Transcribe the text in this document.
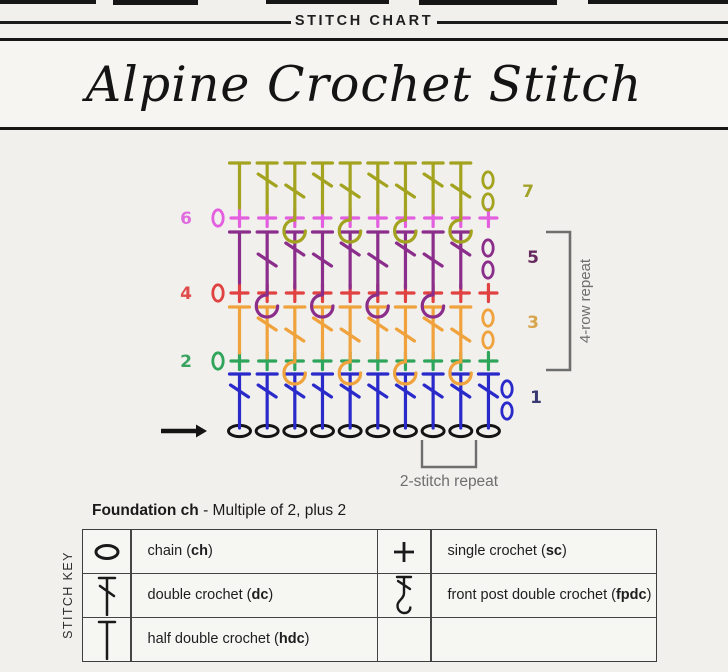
STITCH CHART
Alpine Crochet Stitch
1
2
3
4
5
6
7
4-row repeat
2-stitch repeat
Foundation ch - Multiple of 2, plus 2
STITCH KEY
chain (ch)	single crochet (sc)
double crochet (dc)	front post double crochet (fpdc)
half double crochet (hdc)
